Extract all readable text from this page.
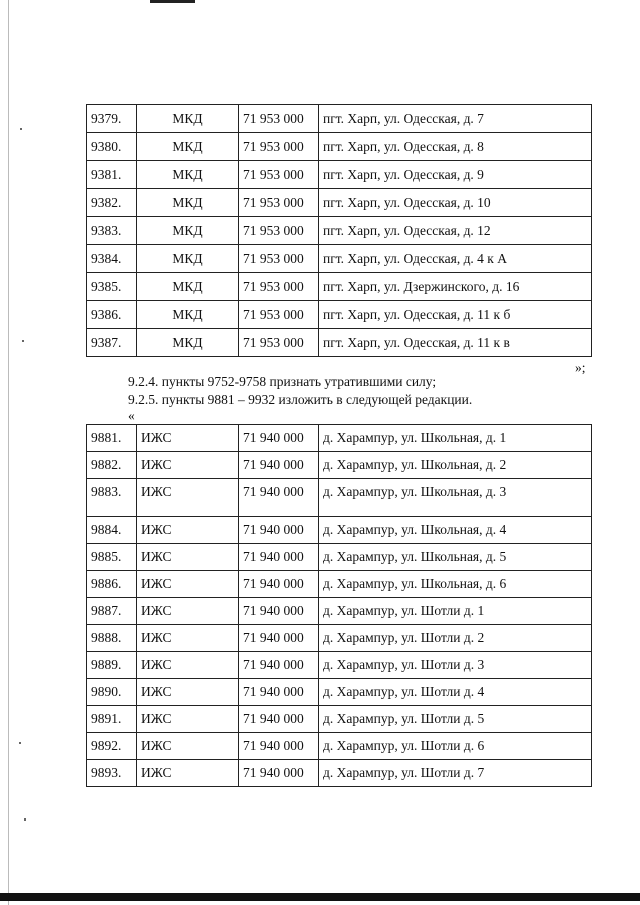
9379.	МКД	71 953 000	пгт. Харп, ул. Одесская, д. 7
9380.	МКД	71 953 000	пгт. Харп, ул. Одесская, д. 8
9381.	МКД	71 953 000	пгт. Харп, ул. Одесская, д. 9
9382.	МКД	71 953 000	пгт. Харп, ул. Одесская, д. 10
9383.	МКД	71 953 000	пгт. Харп, ул. Одесская, д. 12
9384.	МКД	71 953 000	пгт. Харп, ул. Одесская, д. 4 к А
9385.	МКД	71 953 000	пгт. Харп, ул. Дзержинского, д. 16
9386.	МКД	71 953 000	пгт. Харп, ул. Одесская, д. 11 к б
9387.	МКД	71 953 000	пгт. Харп, ул. Одесская, д. 11 к в
»;
9.2.4. пункты 9752-9758 признать утратившими силу;
9.2.5. пункты 9881 – 9932 изложить в следующей редакции.
«
9881.	ИЖС	71 940 000	д. Харампур, ул. Школьная, д. 1
9882.	ИЖС	71 940 000	д. Харампур, ул. Школьная, д. 2
9883.	ИЖС	71 940 000	д. Харампур, ул. Школьная, д. 3
9884.	ИЖС	71 940 000	д. Харампур, ул. Школьная, д. 4
9885.	ИЖС	71 940 000	д. Харампур, ул. Школьная, д. 5
9886.	ИЖС	71 940 000	д. Харампур, ул. Школьная, д. 6
9887.	ИЖС	71 940 000	д. Харампур, ул. Шотли д. 1
9888.	ИЖС	71 940 000	д. Харампур, ул. Шотли д. 2
9889.	ИЖС	71 940 000	д. Харампур, ул. Шотли д. 3
9890.	ИЖС	71 940 000	д. Харампур, ул. Шотли д. 4
9891.	ИЖС	71 940 000	д. Харампур, ул. Шотли д. 5
9892.	ИЖС	71 940 000	д. Харампур, ул. Шотли д. 6
9893.	ИЖС	71 940 000	д. Харампур, ул. Шотли д. 7
